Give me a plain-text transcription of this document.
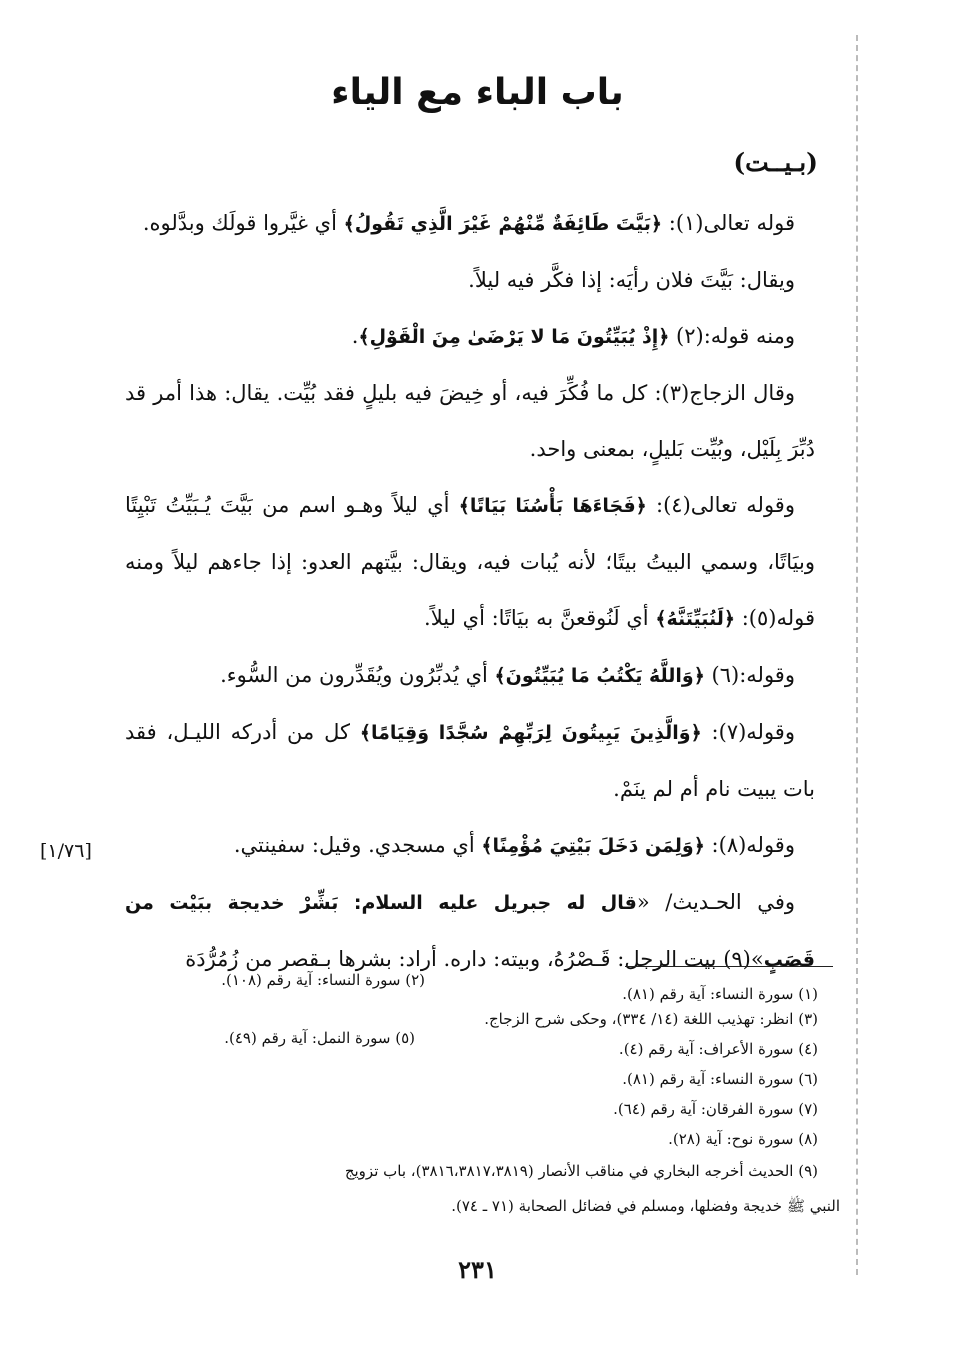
باب الباء مع الياء
(بـيــت)

قوله تعالى(١): ﴿بَيَّتَ طَائِفَةٌ مِّنْهُمْ غَيْرَ الَّذِي تَقُولُ﴾ أي غيَّروا قولَك وبدَّلوه.

ويقال: بَيَّتَ فلان رأيَه: إذا فكَّر فيه ليلاً.

ومنه قوله:(٢) ﴿إِذْ يُبَيِّتُونَ مَا لا يَرْضَىٰ مِنَ الْقَوْلِ﴾.

وقال الزجاج(٣): كل ما فُكِّرَ فيه، أو خِيضَ فيه بليلٍ فقد بُيِّت. يقال: هذا أمر قد دُبِّرَ بِلَيْل، وبُيِّت بَليلٍ، بمعنى واحد.

وقوله تعالى(٤): ﴿فَجَاءَهَا بَأْسُنَا بَيَاتًا﴾ أي ليلاً وهـو اسم من بَيَّتَ يُـبَيِّتُ تَبْيِتًا وبيَاتًا، وسمي البيتُ بيتًا؛ لأنه يُبات فيه، ويقال: بيَّتهم العدو: إذا جاءهم ليلاً ومنه قوله(٥): ﴿لَنُبَيِّتَنَّهُ﴾ أي لَنُوقعنَّ به بيَاتًا: أي ليلاً.

وقوله:(٦) ﴿وَاللَّهُ يَكْتُبُ مَا يُبَيِّتُونَ﴾ أي يُدبِّرُون ويُقَدِّرون من السُّوء.

وقوله(٧): ﴿وَالَّذِينَ يَبِيتُونَ لِرَبِّهِمْ سُجَّدًا وَقِيَامًا﴾ كل من أدركه الليـل، فقد بات يبيت نام أم لم ينَمْ.

وقوله(٨): ﴿وَلِمَن دَخَلَ بَيْتِيَ مُؤْمِنًا﴾ أي مسجدي. وقيل: سفينتي.

وفي الحـديث/ «قال له جبريل عليه السلام: بَشِّرْ خديجة ببَيْت من قَصَبٍ»(٩) بيت الرجل: قَـصْرُهُ، وبيته: داره. أراد: بشرها بـقصر من زُمُرُّدَة

[١/٧٦]

(١) سورة النساء: آية رقم (٨١).

(٢) سورة النساء: آية رقم (١٠٨).

(٣) انظر: تهذيب اللغة (١٤/ ٣٣٤)، وحكى شرح الزجاج.

(٤) سورة الأعراف: آية رقم (٤).

(٥) سورة النمل: آية رقم (٤٩).

(٦) سورة النساء: آية رقم (٨١).

(٧) سورة الفرقان: آية رقم (٦٤).

(٨) سورة نوح: آية (٢٨).

(٩) الحديث أخرجه البخاري في مناقب الأنصار (٣٨١٦،٣٨١٧،٣٨١٩)، باب تزويج

النبي ﷺ خديجة وفضلها، ومسلم في فضائل الصحابة (٧١ ـ ٧٤).

٢٣١
